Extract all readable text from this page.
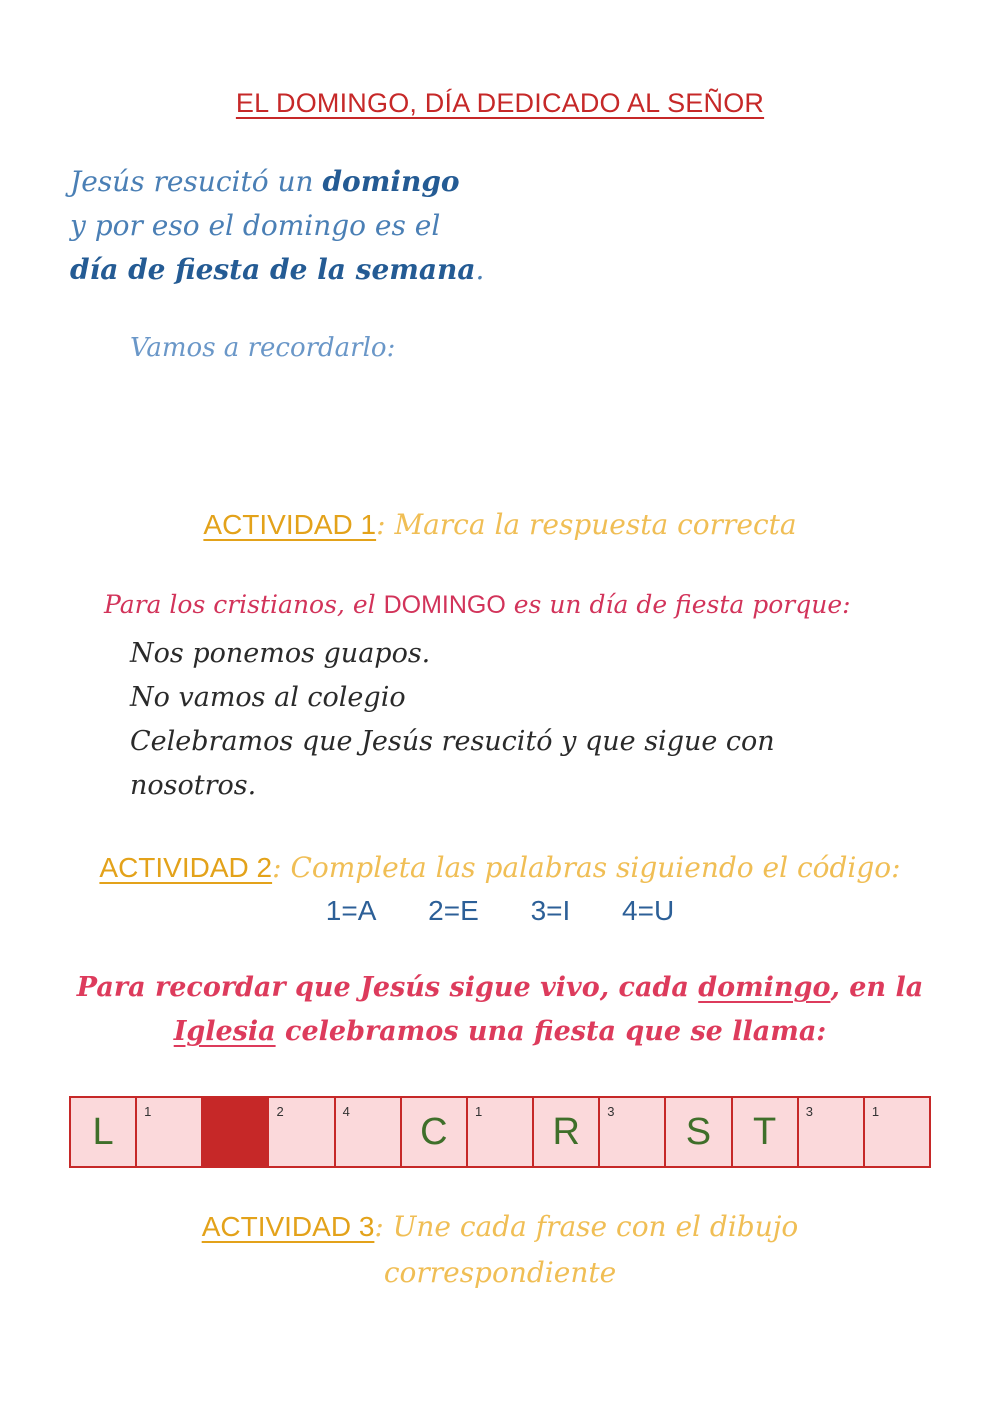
EL DOMINGO, DÍA DEDICADO AL SEÑOR
Jesús resucitó un domingo
y por eso el domingo es el
día de fiesta de la semana.
Vamos a recordarlo:
ACTIVIDAD 1: Marca la respuesta correcta
Para los cristianos, el DOMINGO es un día de fiesta porque:
Nos ponemos guapos.
No vamos al colegio
Celebramos que Jesús resucitó y que sigue con
nosotros.
ACTIVIDAD 2: Completa las palabras siguiendo el código:
1=A 2=E 3=I 4=U
Para recordar que Jesús sigue vivo, cada domingo, en la
Iglesia celebramos una fiesta que se llama:
L 1	2	4 C 1 R 3 S T 3	1
ACTIVIDAD 3: Une cada frase con el dibujo
correspondiente
